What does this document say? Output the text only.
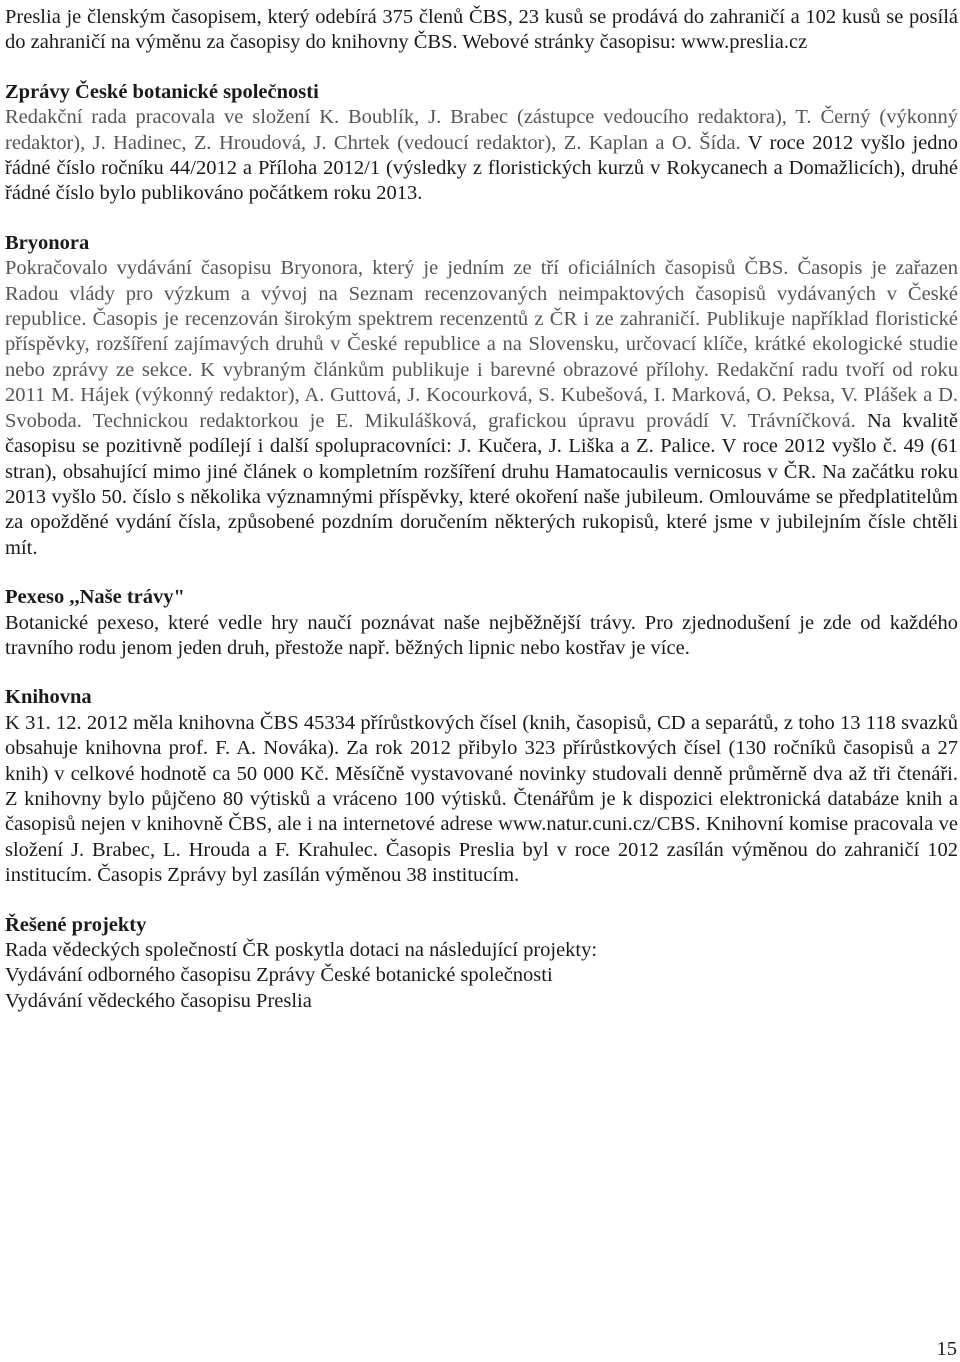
Preslia je členským časopisem, který odebírá 375 členů ČBS, 23 kusů se prodává do zahraničí a 102 kusů se posílá do zahraničí na výměnu za časopisy do knihovny ČBS. Webové stránky časopisu: www.preslia.cz

Zprávy České botanické společnosti

Redakční rada pracovala ve složení K. Boublík, J. Brabec (zástupce vedoucího redaktora), T. Černý (výkonný redaktor), J. Hadinec, Z. Hroudová, J. Chrtek (vedoucí redaktor), Z. Kaplan a O. Šída. V roce 2012 vyšlo jedno řádné číslo ročníku 44/2012 a Příloha 2012/1 (výsledky z floristických kurzů v Rokycanech a Domažlicích), druhé řádné číslo bylo publikováno počátkem roku 2013.

Bryonora

Pokračovalo vydávání časopisu Bryonora, který je jedním ze tří oficiálních časopisů ČBS. Časopis je zařazen Radou vlády pro výzkum a vývoj na Seznam recenzovaných neimpaktových časopisů vydávaných v České republice. Časopis je recenzován širokým spektrem recenzentů z ČR i ze zahraničí. Publikuje například floristické příspěvky, rozšíření zajímavých druhů v České republice a na Slovensku, určovací klíče, krátké ekologické studie nebo zprávy ze sekce. K vybraným článkům publikuje i barevné obrazové přílohy. Redakční radu tvoří od roku 2011 M. Hájek (výkonný redaktor), A. Guttová, J. Kocourková, S. Kubešová, I. Marková, O. Peksa, V. Plášek a D. Svoboda. Technickou redaktorkou je E. Mikulášková, grafickou úpravu provádí V. Trávníčková. Na kvalitě časopisu se pozitivně podílejí i další spolupracovníci: J. Kučera, J. Liška a Z. Palice. V roce 2012 vyšlo č. 49 (61 stran), obsahující mimo jiné článek o kompletním rozšíření druhu Hamatocaulis vernicosus v ČR. Na začátku roku 2013 vyšlo 50. číslo s několika významnými příspěvky, které okoření naše jubileum. Omlouváme se předplatitelům za opožděné vydání čísla, způsobené pozdním doručením některých rukopisů, které jsme v jubilejním čísle chtěli mít.

Pexeso ,,Naše trávy"

Botanické pexeso, které vedle hry naučí poznávat naše nejběžnější trávy. Pro zjednodušení je zde od každého travního rodu jenom jeden druh, přestože např. běžných lipnic nebo kostřav je více.

Knihovna

K 31. 12. 2012 měla knihovna ČBS 45334 přírůstkových čísel (knih, časopisů, CD a separátů, z toho 13 118 svazků obsahuje knihovna prof. F. A. Nováka). Za rok 2012 přibylo 323 přírůstkových čísel (130 ročníků časopisů a 27 knih) v celkové hodnotě ca 50 000 Kč. Měsíčně vystavované novinky studovali denně průměrně dva až tři čtenáři. Z knihovny bylo půjčeno 80 výtisků a vráceno 100 výtisků. Čtenářům je k dispozici elektronická databáze knih a časopisů nejen v knihovně ČBS, ale i na internetové adrese www.natur.cuni.cz/CBS. Knihovní komise pracovala ve složení J. Brabec, L. Hrouda a F. Krahulec. Časopis Preslia byl v roce 2012 zasílán výměnou do zahraničí 102 institucím. Časopis Zprávy byl zasílán výměnou 38 institucím.

Řešené projekty

Rada vědeckých společností ČR poskytla dotaci na následující projekty:

Vydávání odborného časopisu Zprávy České botanické společnosti

Vydávání vědeckého časopisu Preslia

15
